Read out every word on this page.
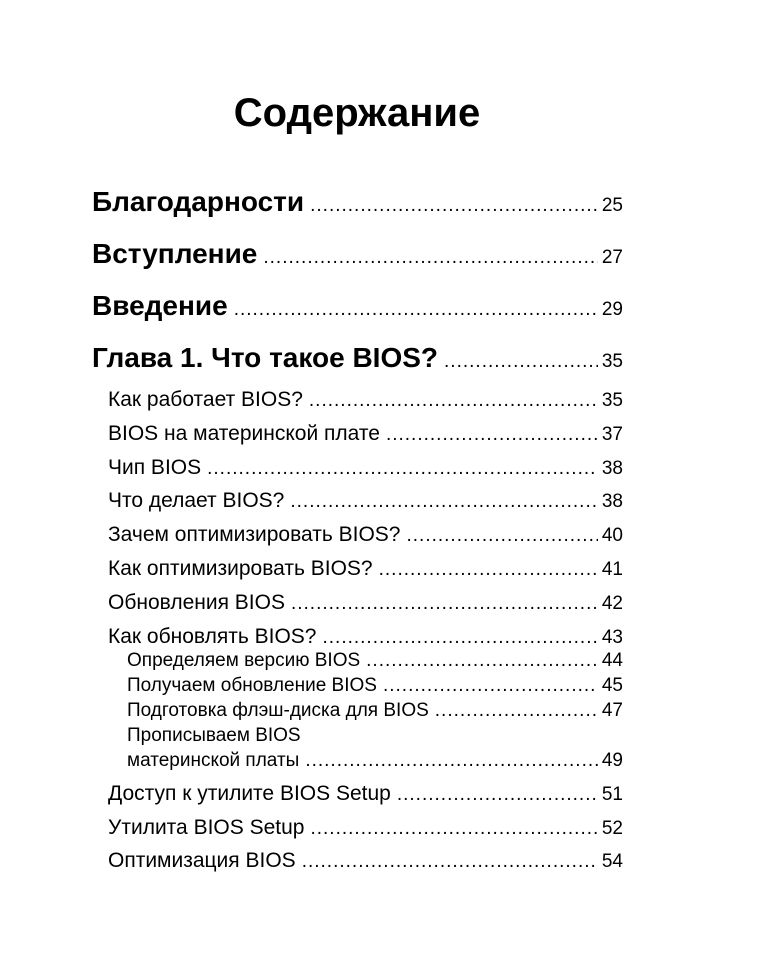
Содержание
Благодарности .....	25
Вступление .....	27
Введение .....	29
Глава 1. Что такое BIOS? .....	35
Как работает BIOS? .....	35
BIOS на материнской плате .....	37
Чип BIOS .....	38
Что делает BIOS? .....	38
Зачем оптимизировать BIOS? .....	40
Как оптимизировать BIOS? .....	41
Обновления BIOS .....	42
Как обновлять BIOS? .....	43
Определяем версию BIOS .....	44
Получаем обновление BIOS .....	45
Подготовка флэш-диска для BIOS .....	47
Прописываем BIOS
материнской платы .....	49
Доступ к утилите BIOS Setup .....	51
Утилита BIOS Setup .....	52
Оптимизация BIOS .....	54
